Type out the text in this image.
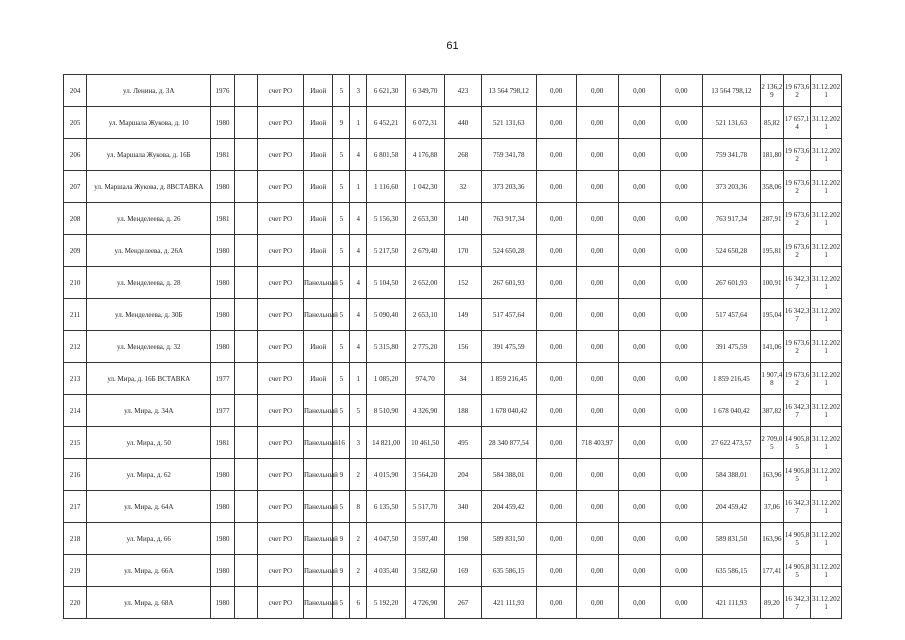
61
204	ул. Ленина, д. 3А	1976		счет РО	Иной	5	3	6 621,30	6 349,70	423	13 564 798,12	0,00	0,00	0,00	0,00	13 564 798,12	2 136,29	19 673,62	31.12.2021
205	ул. Маршала Жукова, д. 10	1980		счет РО	Иной	9	1	6 452,21	6 072,31	440	521 131,63	0,00	0,00	0,00	0,00	521 131,63	85,82	17 657,14	31.12.2021
206	ул. Маршала Жукова, д. 16Б	1981		счет РО	Иной	5	4	6 801,58	4 176,88	268	759 341,78	0,00	0,00	0,00	0,00	759 341,78	181,80	19 673,62	31.12.2021
207	ул. Маршала Жукова, д. 8ВСТАВКА	1980		счет РО	Иной	5	1	1 116,60	1 042,30	32	373 203,36	0,00	0,00	0,00	0,00	373 203,36	358,06	19 673,62	31.12.2021
208	ул. Менделеева, д. 26	1981		счет РО	Иной	5	4	5 156,30	2 653,30	140	763 917,34	0,00	0,00	0,00	0,00	763 917,34	287,91	19 673,62	31.12.2021
209	ул. Менделеева, д. 26А	1980		счет РО	Иной	5	4	5 217,50	2 679,40	170	524 650,28	0,00	0,00	0,00	0,00	524 650,28	195,81	19 673,62	31.12.2021
210	ул. Менделеева, д. 28	1980		счет РО	Панельный	5	4	5 104,50	2 652,00	152	267 601,93	0,00	0,00	0,00	0,00	267 601,93	100,91	16 342,37	31.12.2021
211	ул. Менделеева, д. 30Б	1980		счет РО	Панельный	5	4	5 090,40	2 653,10	149	517 457,64	0,00	0,00	0,00	0,00	517 457,64	195,04	16 342,37	31.12.2021
212	ул. Менделеева, д. 32	1980		счет РО	Иной	5	4	5 315,80	2 775,20	156	391 475,59	0,00	0,00	0,00	0,00	391 475,59	141,06	19 673,62	31.12.2021
213	ул. Мира, д. 16Б ВСТАВКА	1977		счет РО	Иной	5	1	1 085,20	974,70	34	1 859 216,45	0,00	0,00	0,00	0,00	1 859 216,45	1 907,48	19 673,62	31.12.2021
214	ул. Мира, д. 34А	1977		счет РО	Панельный	5	5	8 510,90	4 326,90	188	1 678 040,42	0,00	0,00	0,00	0,00	1 678 040,42	387,82	16 342,37	31.12.2021
215	ул. Мира, д. 50	1981		счет РО	Панельный	16	3	14 821,00	10 461,50	495	28 340 877,54	0,00	718 403,97	0,00	0,00	27 622 473,57	2 709,05	14 905,85	31.12.2021
216	ул. Мира, д. 62	1980		счет РО	Панельный	9	2	4 015,90	3 564,20	204	584 388,01	0,00	0,00	0,00	0,00	584 388,01	163,96	14 905,85	31.12.2021
217	ул. Мира, д. 64А	1980		счет РО	Панельный	5	8	6 135,50	5 517,70	340	204 459,42	0,00	0,00	0,00	0,00	204 459,42	37,06	16 342,37	31.12.2021
218	ул. Мира, д. 66	1980		счет РО	Панельный	9	2	4 047,50	3 597,40	198	589 831,50	0,00	0,00	0,00	0,00	589 831,50	163,96	14 905,85	31.12.2021
219	ул. Мира, д. 66А	1980		счет РО	Панельный	9	2	4 035,40	3 582,60	169	635 586,15	0,00	0,00	0,00	0,00	635 586,15	177,41	14 905,85	31.12.2021
220	ул. Мира, д. 68А	1980		счет РО	Панельный	5	6	5 192,20	4 726,90	267	421 111,93	0,00	0,00	0,00	0,00	421 111,93	89,20	16 342,37	31.12.2021
